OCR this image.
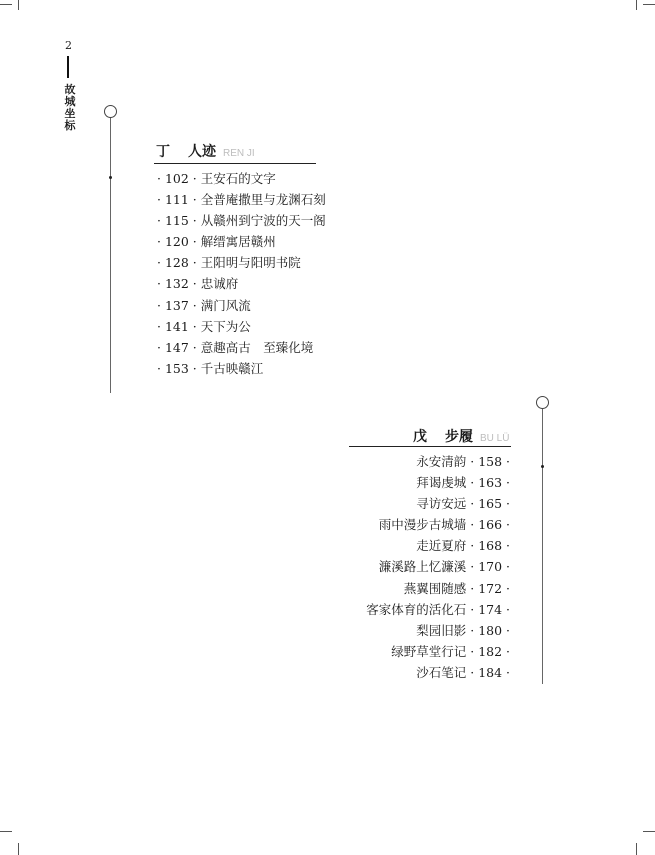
2
故城坐标
丁 人迹 REN JI
· 102 · 王安石的文字
· 111 · 全普庵撒里与龙渊石刻
· 115 · 从赣州到宁波的天一阁
· 120 · 解缙寓居赣州
· 128 · 王阳明与阳明书院
· 132 · 忠诚府
· 137 · 满门风流
· 141 · 天下为公
· 147 · 意趣高古　至臻化境
· 153 · 千古映赣江
戊 步履 BU LÜ
永安清韵 · 158 ·
拜谒虔城 · 163 ·
寻访安远 · 165 ·
雨中漫步古城墙 · 166 ·
走近夏府 · 168 ·
濂溪路上忆濂溪 · 170 ·
燕翼围随感 · 172 ·
客家体育的活化石 · 174 ·
梨园旧影 · 180 ·
绿野草堂行记 · 182 ·
沙石笔记 · 184 ·
